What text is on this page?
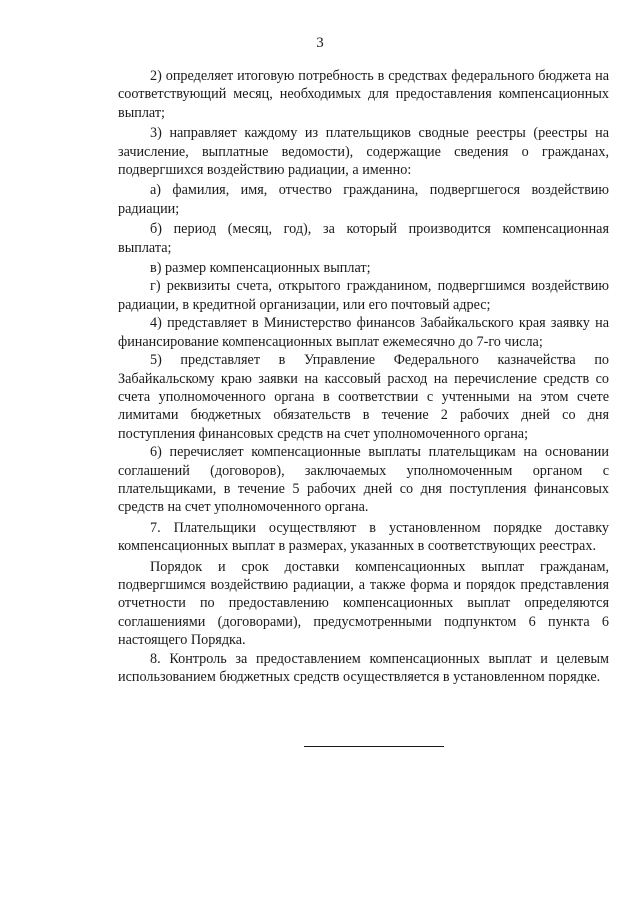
3

2) определяет итоговую потребность в средствах федерального бюджета на соответствующий месяц, необходимых для предоставления компенсационных выплат;

3) направляет каждому из плательщиков сводные реестры (реестры на зачисление, выплатные ведомости), содержащие сведения о гражданах, подвергшихся воздействию радиации, а именно:

а) фамилия, имя, отчество гражданина, подвергшегося воздействию радиации;

б) период (месяц, год), за который производится компенсационная выплата;

в) размер компенсационных выплат;

г) реквизиты счета, открытого гражданином, подвергшимся воздействию радиации, в кредитной организации, или его почтовый адрес;

4) представляет в Министерство финансов Забайкальского края заявку на финансирование компенсационных выплат ежемесячно до 7-го числа;

5) представляет в Управление Федерального казначейства по Забайкальскому краю заявки на кассовый расход на перечисление средств со счета уполномоченного органа в соответствии с учтенными на этом счете лимитами бюджетных обязательств в течение 2 рабочих дней со дня поступления финансовых средств на счет уполномоченного органа;

6) перечисляет компенсационные выплаты плательщикам на основании соглашений (договоров), заключаемых уполномоченным органом с плательщиками, в течение 5 рабочих дней со дня поступления финансовых средств на счет уполномоченного органа.

7. Плательщики осуществляют в установленном порядке доставку компенсационных выплат в размерах, указанных в соответствующих реестрах.

Порядок и срок доставки компенсационных выплат гражданам, подвергшимся воздействию радиации, а также форма и порядок представления отчетности по предоставлению компенсационных выплат определяются соглашениями (договорами), предусмотренными подпунктом 6 пункта 6 настоящего Порядка.

8. Контроль за предоставлением компенсационных выплат и целевым использованием бюджетных средств осуществляется в установленном порядке.
